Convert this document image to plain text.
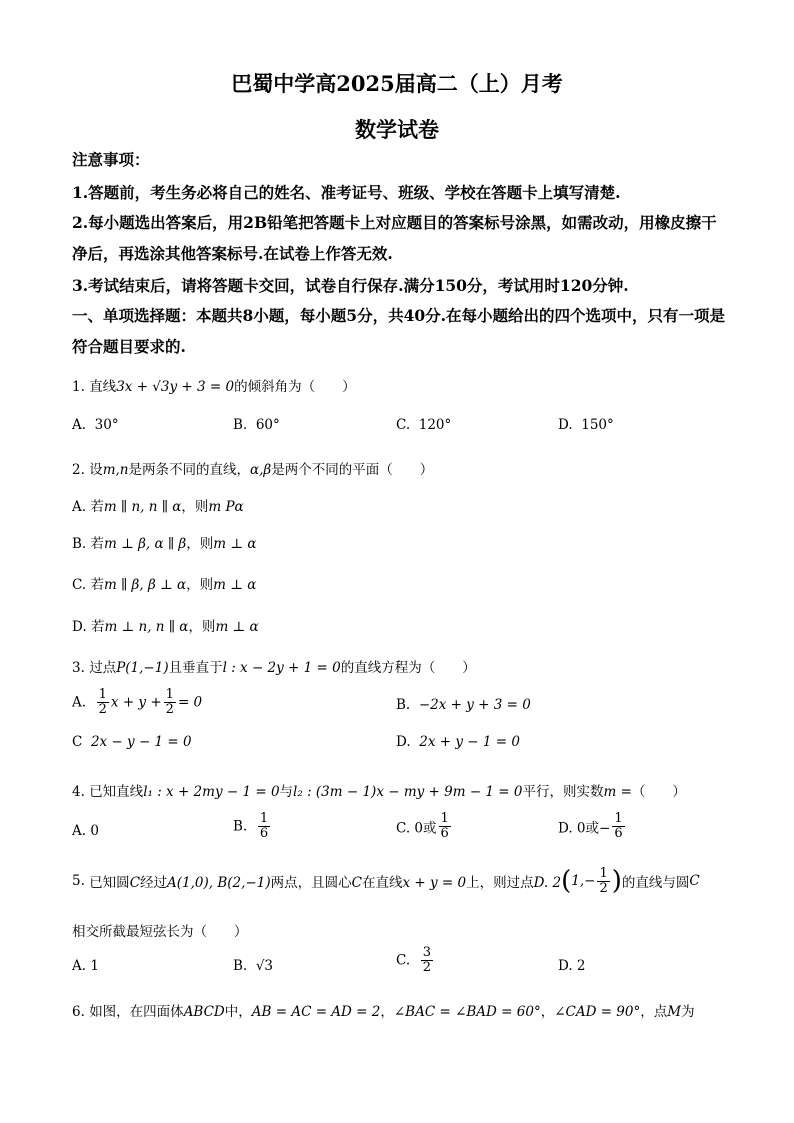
巴蜀中学高2025届高二（上）月考
数学试卷
注意事项：
1.答题前，考生务必将自己的姓名、准考证号、班级、学校在答题卡上填写清楚.
2.每小题选出答案后，用2B铅笔把答题卡上对应题目的答案标号涂黑，如需改动，用橡皮擦干净后，再选涂其他答案标号.在试卷上作答无效.
3.考试结束后，请将答题卡交回，试卷自行保存.满分150分，考试用时120分钟.
一、单项选择题：本题共8小题，每小题5分，共40分.在每小题给出的四个选项中，只有一项是符合题目要求的.
1. 直线3x + √3y + 3 = 0的倾斜角为（　　）
A. 30°	B. 60°	C. 120°	D. 150°
2. 设m,n是两条不同的直线，α,β是两个不同的平面（　　）
A. 若m ∥ n, n ∥ α，则m Pα
B. 若m ⊥ β, α ∥ β，则m ⊥ α
C. 若m ∥ β, β ⊥ α，则m ⊥ α
D. 若m ⊥ n, n ∥ α，则m ⊥ α
3. 过点P(1,−1)且垂直于l : x − 2y + 1 = 0的直线方程为（　　）
A. $\frac{1}{2}$ $x + y + \frac{1}{2} = 0$	B. −2x + y + 3 = 0
C 2x − y − 1 = 0	D. 2x + y − 1 = 0
4. 已知直线l₁ : x + 2my − 1 = 0与l₂ : (3m − 1)x − my + 9m − 1 = 0平行，则实数m =（　　）
A. 0	B. $\frac{1}{6}$	C. 0或 $\frac{1}{6}$	D. 0或− $\frac{1}{6}$
5. 已知圆C经过A(1,0), B(2,−1)两点，且圆心C在直线x + y = 0上，则过点D. $2(1,- \frac{1}{2}$ )的直线与圆C
相交所截最短弦长为（　　）
A. 1	B. √3	C. $\frac{3}{2}$	D. 2
6. 如图，在四面体ABCD中，AB = AC = AD = 2，∠BAC = ∠BAD = 60°，∠CAD = 90°，点M为
